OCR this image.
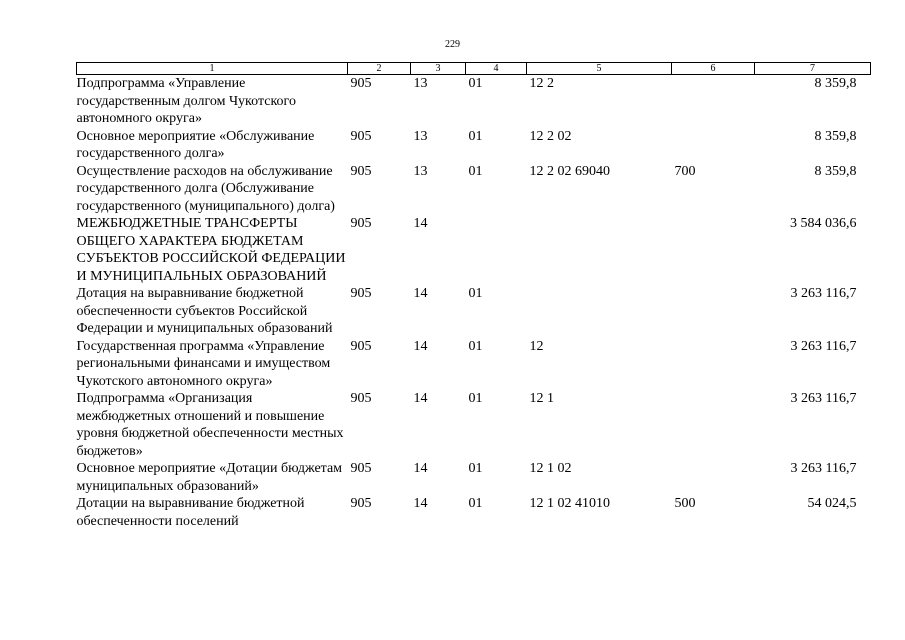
229
1	2	3	4	5	6	7
Подпрограмма «Управление государственным долгом Чукотского автономного округа»	905	13	01	12 2		8 359,8
Основное мероприятие «Обслуживание государственного долга»	905	13	01	12 2 02		8 359,8
Осуществление расходов на обслуживание государственного долга (Обслуживание государственного (муниципального) долга)	905	13	01	12 2 02 69040	700	8 359,8
МЕЖБЮДЖЕТНЫЕ ТРАНСФЕРТЫ ОБЩЕГО ХАРАКТЕРА БЮДЖЕТАМ СУБЪЕКТОВ РОССИЙСКОЙ ФЕДЕРАЦИИ И МУНИЦИПАЛЬНЫХ ОБРАЗОВАНИЙ	905	14				3 584 036,6
Дотация на выравнивание бюджетной обеспеченности субъектов Российской Федерации и муниципальных образований	905	14	01			3 263 116,7
Государственная программа «Управление региональными финансами и имуществом Чукотского автономного округа»	905	14	01	12		3 263 116,7
Подпрограмма «Организация межбюджетных отношений и повышение уровня бюджетной обеспеченности местных бюджетов»	905	14	01	12 1		3 263 116,7
Основное мероприятие «Дотации бюджетам муниципальных образований»	905	14	01	12 1 02		3 263 116,7
Дотации на выравнивание бюджетной обеспеченности поселений	905	14	01	12 1 02 41010	500	54 024,5
